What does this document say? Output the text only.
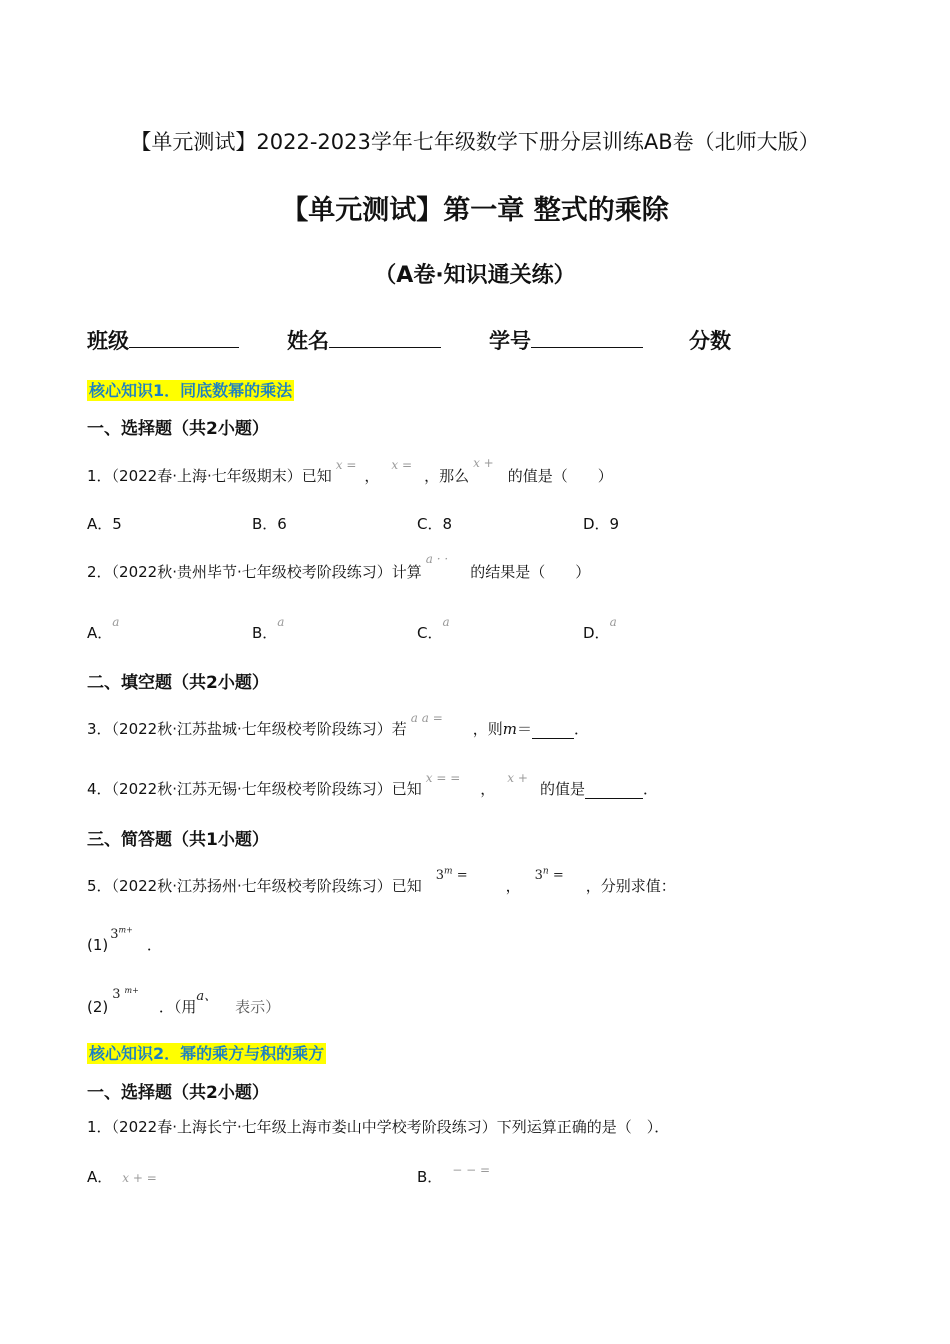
【单元测试】2022-2023学年七年级数学下册分层训练AB卷（北师大版）
【单元测试】第一章 整式的乘除
（A卷·知识通关练）
班级	姓名	学号	分数
核心知识1．同底数幂的乘法
一、选择题（共2小题）
1．（2022春·上海·七年级期末）已知$^{x =}$，$^{x =}$，那么$^{x +}$的值是（　　）
A．5	B．6	C．8	D．9
2．（2022秋·贵州毕节·七年级校考阶段练习）计算$^{a \cdot \cdot}$的结果是（　　）
A．$^a$
B．$^a$
C．$^a$
D．$^a$
二、填空题（共2小题）
3．（2022秋·江苏盐城·七年级校考阶段练习）若$^{a a =}$，则m＝	．
4．（2022秋·江苏无锡·七年级校考阶段练习）已知$^{x = =}$，$^{x +}$的值是	．
三、简答题（共1小题）
5．（2022秋·江苏扬州·七年级校考阶段练习）已知$3^m$ =，$3^n$ =，分别求值：
$(1)3^{m+}$．
(2)3 $^{m+}$．（用a、表示）
核心知识2．幂的乘方与积的乘方
一、选择题（共2小题）
1．（2022春·上海长宁·七年级上海市娄山中学校考阶段练习）下列运算正确的是（　）．
A． x + =	B． − − =
